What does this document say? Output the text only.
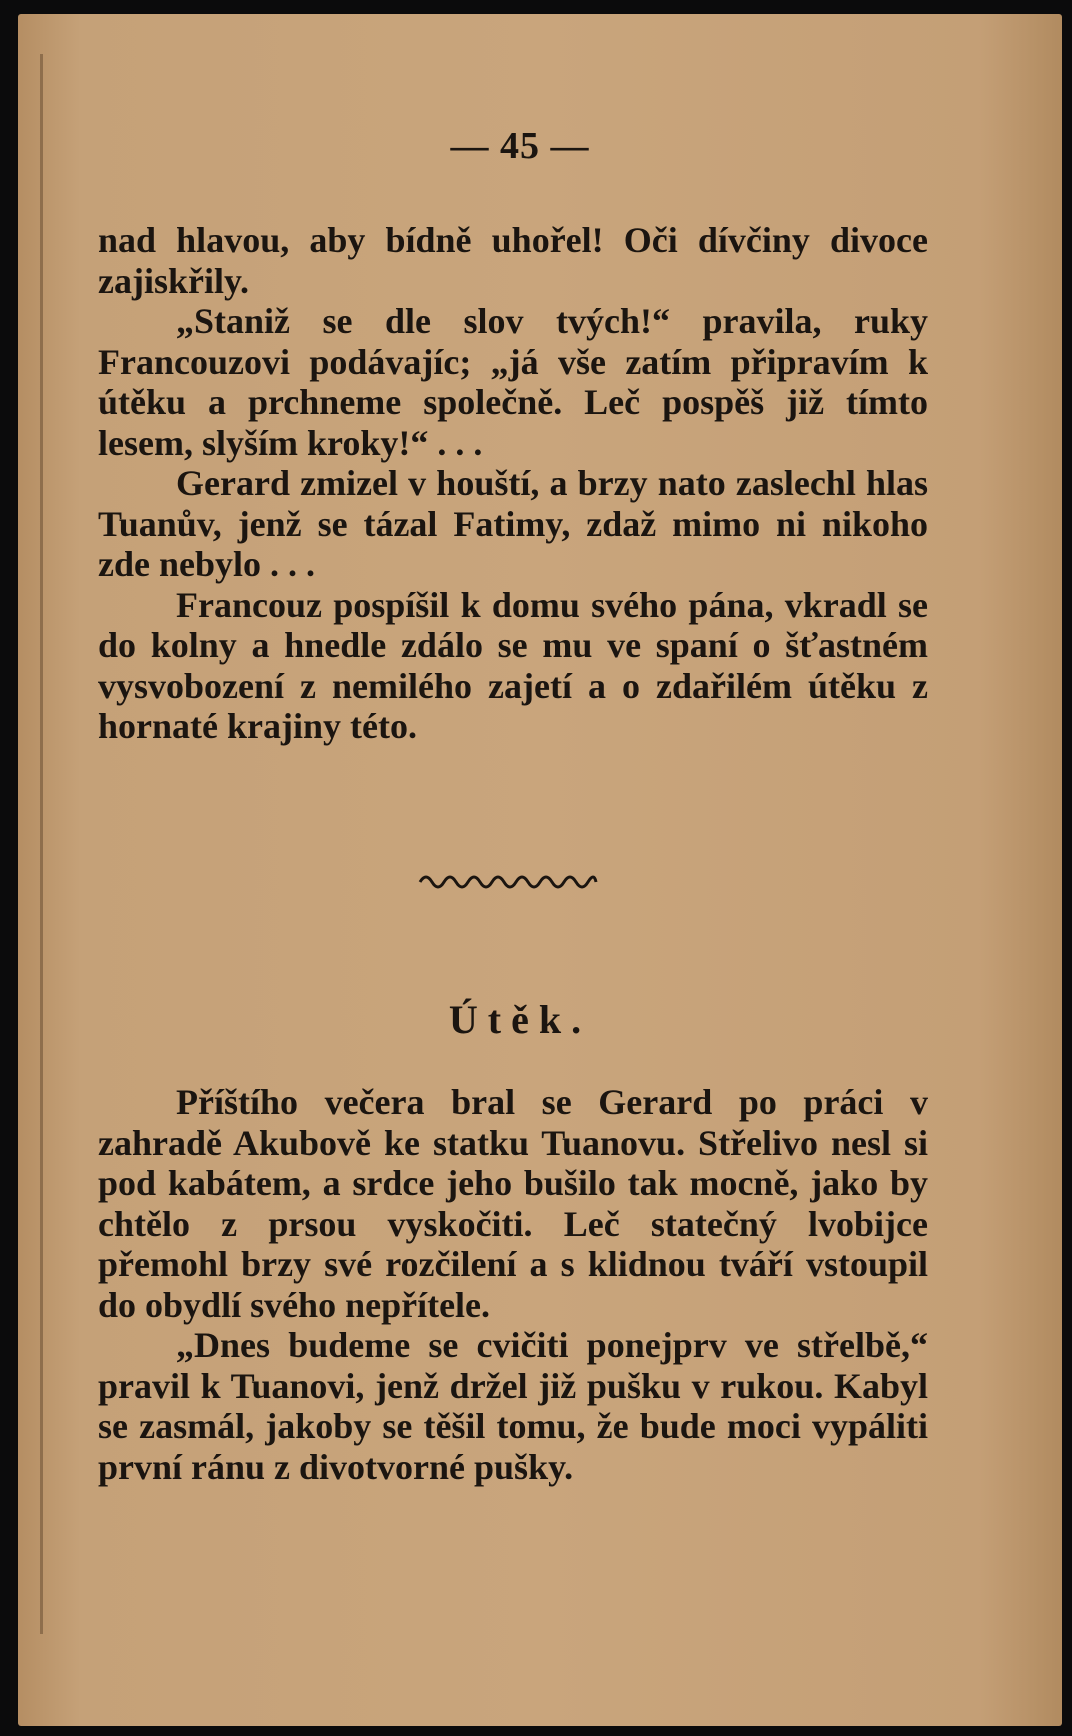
— 45 —

nad hlavou, aby bídně uhořel! Oči dívčiny divoce zajiskřily.

„Staniž se dle slov tvých!“ pravila, ruky Francouzovi podávajíc; „já vše zatím připravím k útěku a prchneme společně. Leč pospěš již tímto lesem, slyším kroky!“ . . .

Gerard zmizel v houští, a brzy nato zaslechl hlas Tuanův, jenž se tázal Fatimy, zdaž mimo ni nikoho zde nebylo . . .

Francouz pospíšil k domu svého pána, vkradl se do kolny a hnedle zdálo se mu ve spaní o šťastném vysvobození z nemilého zajetí a o zdařilém útěku z hornaté krajiny této.

Útěk.

Příštího večera bral se Gerard po práci v zahradě Akubově ke statku Tuanovu. Střelivo nesl si pod kabátem, a srdce jeho bušilo tak mocně, jako by chtělo z prsou vyskočiti. Leč statečný lvobijce přemohl brzy své rozčilení a s klidnou tváří vstoupil do obydlí svého nepřítele.

„Dnes budeme se cvičiti ponejprv ve střelbě,“ pravil k Tuanovi, jenž držel již pušku v rukou. Kabyl se zasmál, jakoby se těšil tomu, že bude moci vypáliti první ránu z divotvorné pušky.
